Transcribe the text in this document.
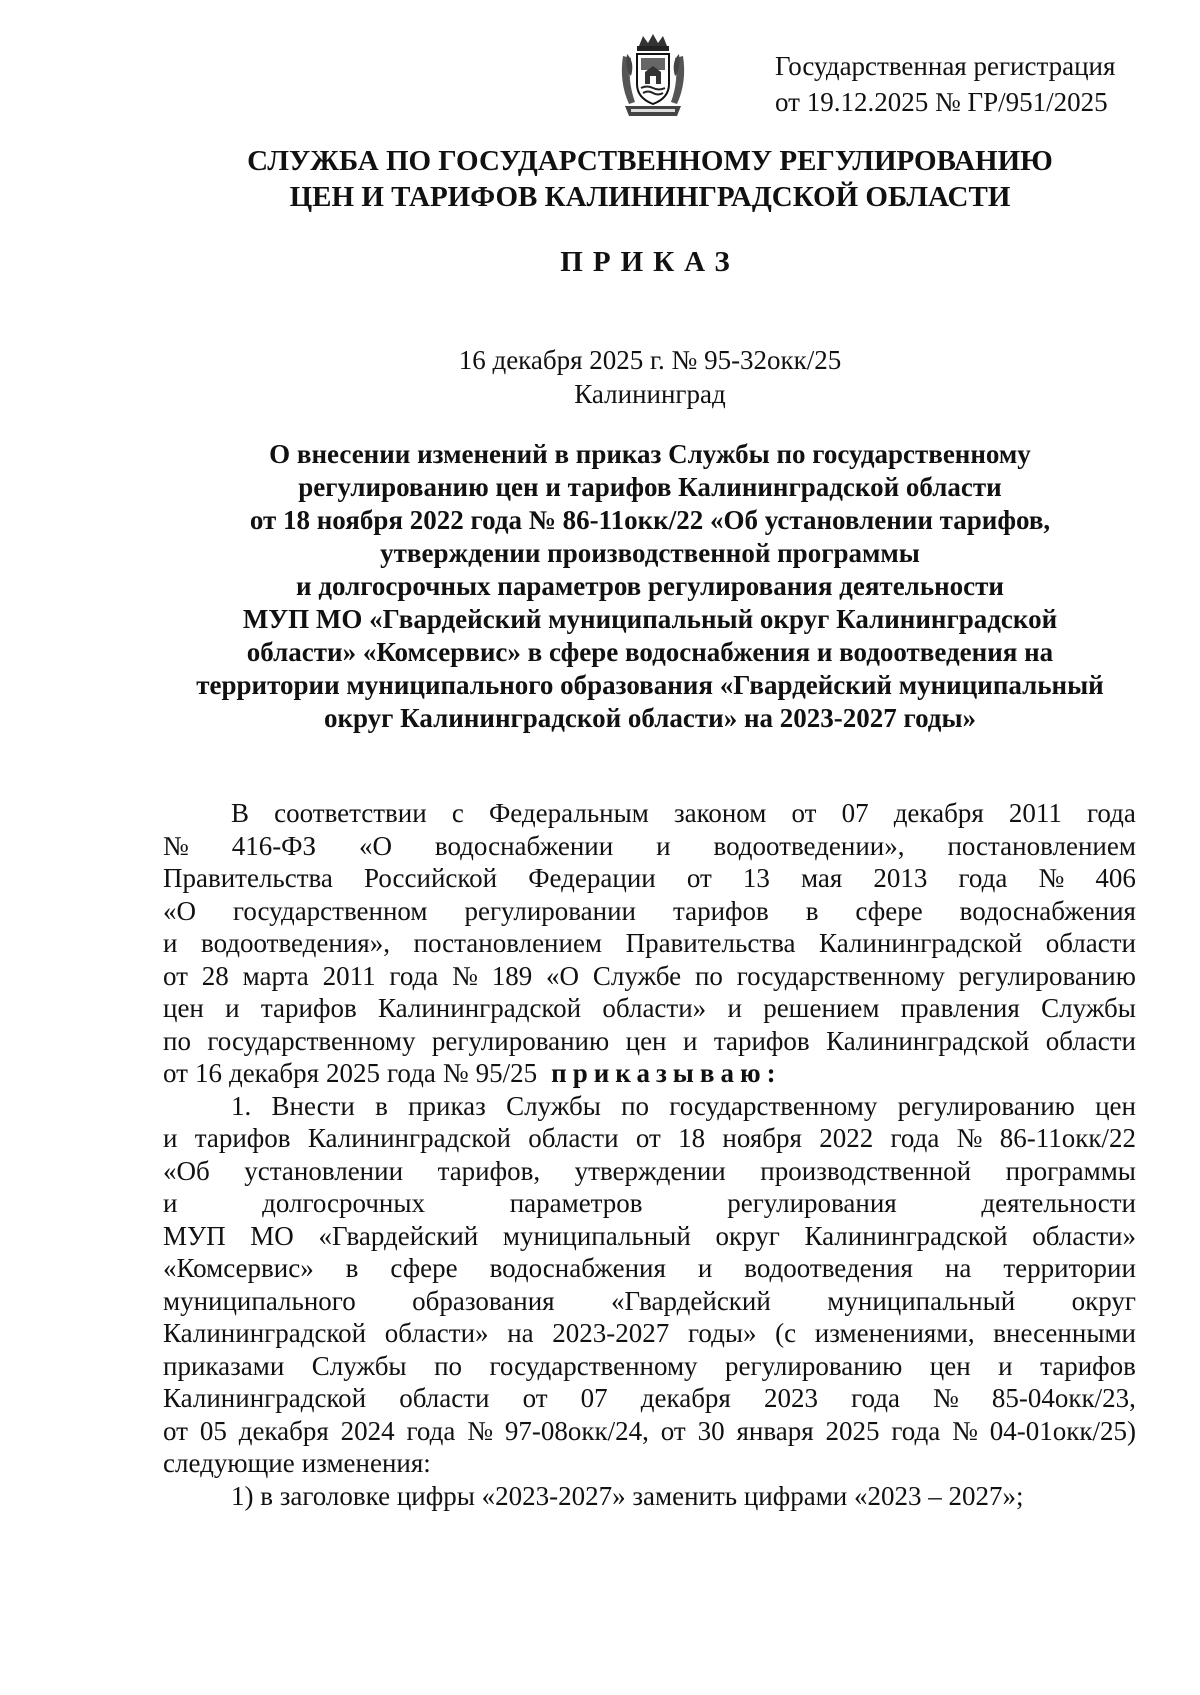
Государственная регистрация
от 19.12.2025 № ГР/951/2025
СЛУЖБА ПО ГОСУДАРСТВЕННОМУ РЕГУЛИРОВАНИЮ
ЦЕН И ТАРИФОВ КАЛИНИНГРАДСКОЙ ОБЛАСТИ
ПРИКАЗ
16 декабря 2025 г. № 95-32окк/25
Калининград
О внесении изменений в приказ Службы по государственному
регулированию цен и тарифов Калининградской области
от 18 ноября 2022 года № 86-11окк/22 «Об установлении тарифов,
утверждении производственной программы
и долгосрочных параметров регулирования деятельности
МУП МО «Гвардейский муниципальный округ Калининградской
области» «Комсервис» в сфере водоснабжения и водоотведения на
территории муниципального образования «Гвардейский муниципальный
округ Калининградской области» на 2023-2027 годы»
В соответствии с Федеральным законом от 07 декабря 2011 года
№ 416-ФЗ «О водоснабжении и водоотведении», постановлением
Правительства Российской Федерации от 13 мая 2013 года № 406
«О государственном регулировании тарифов в сфере водоснабжения
и водоотведения», постановлением Правительства Калининградской области
от 28 марта 2011 года № 189 «О Службе по государственному регулированию
цен и тарифов Калининградской области» и решением правления Службы
по государственному регулированию цен и тарифов Калининградской области
от 16 декабря 2025 года № 95/25 приказываю:
1. Внести в приказ Службы по государственному регулированию цен
и тарифов Калининградской области от 18 ноября 2022 года № 86-11окк/22
«Об установлении тарифов, утверждении производственной программы
и	долгосрочных	параметров	регулирования	деятельности
МУП МО «Гвардейский муниципальный округ Калининградской области»
«Комсервис» в сфере водоснабжения и водоотведения на территории
муниципального образования «Гвардейский муниципальный округ
Калининградской области» на 2023-2027 годы» (с изменениями, внесенными
приказами Службы по государственному регулированию цен и тарифов
Калининградской области от 07 декабря 2023 года № 85-04окк/23,
от 05 декабря 2024 года № 97-08окк/24, от 30 января 2025 года № 04-01окк/25)
следующие изменения:
1) в заголовке цифры «2023-2027» заменить цифрами «2023 – 2027»;
